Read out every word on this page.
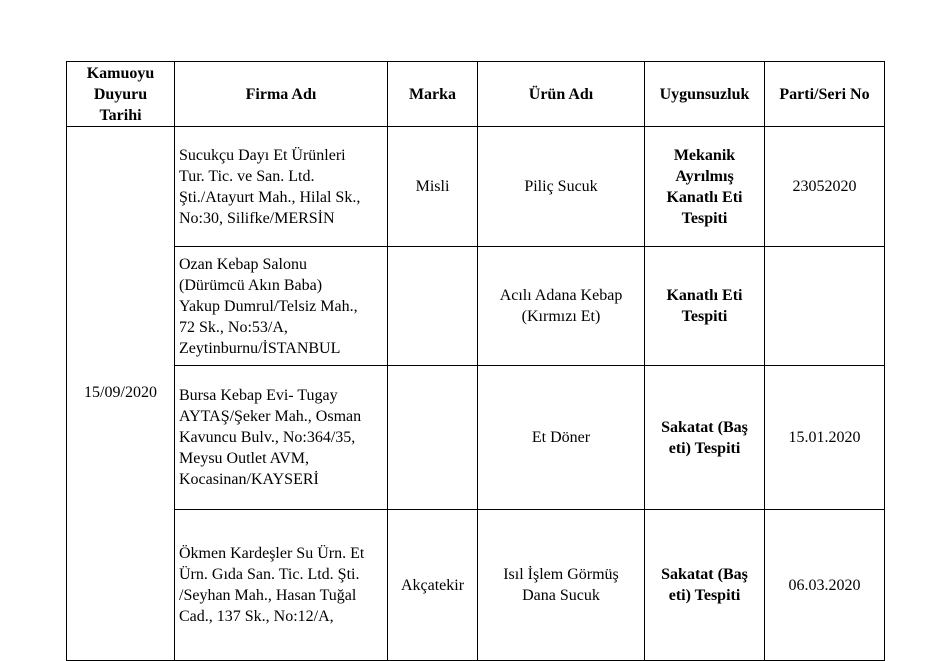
Kamuoyu
Duyuru
Tarihi	Firma Adı	Marka	Ürün Adı	Uygunsuzluk	Parti/Seri No
15/09/2020	Sucukçu Dayı Et Ürünleri
Tur. Tic. ve San. Ltd.
Şti./Atayurt Mah., Hilal Sk.,
No:30, Silifke/MERSİN	Misli	Piliç Sucuk	Mekanik
Ayrılmış
Kanatlı Eti
Tespiti	23052020

	Ozan Kebap Salonu
(Dürümcü Akın Baba)
Yakup Dumrul/Telsiz Mah.,
72 Sk., No:53/A,
Zeytinburnu/İSTANBUL		Acılı Adana Kebap
(Kırmızı Et)	Kanatlı Eti
Tespiti	

	Bursa Kebap Evi- Tugay
AYTAŞ/Şeker Mah., Osman
Kavuncu Bulv., No:364/35,
Meysu Outlet AVM,
Kocasinan/KAYSERİ		Et Döner	Sakatat (Baş
eti) Tespiti	15.01.2020

	Ökmen Kardeşler Su Ürn. Et
Ürn. Gıda San. Tic. Ltd. Şti.
/Seyhan Mah., Hasan Tuğal
Cad., 137 Sk., No:12/A,	Akçatekir	Isıl İşlem Görmüş
Dana Sucuk	Sakatat (Baş
eti) Tespiti	06.03.2020
